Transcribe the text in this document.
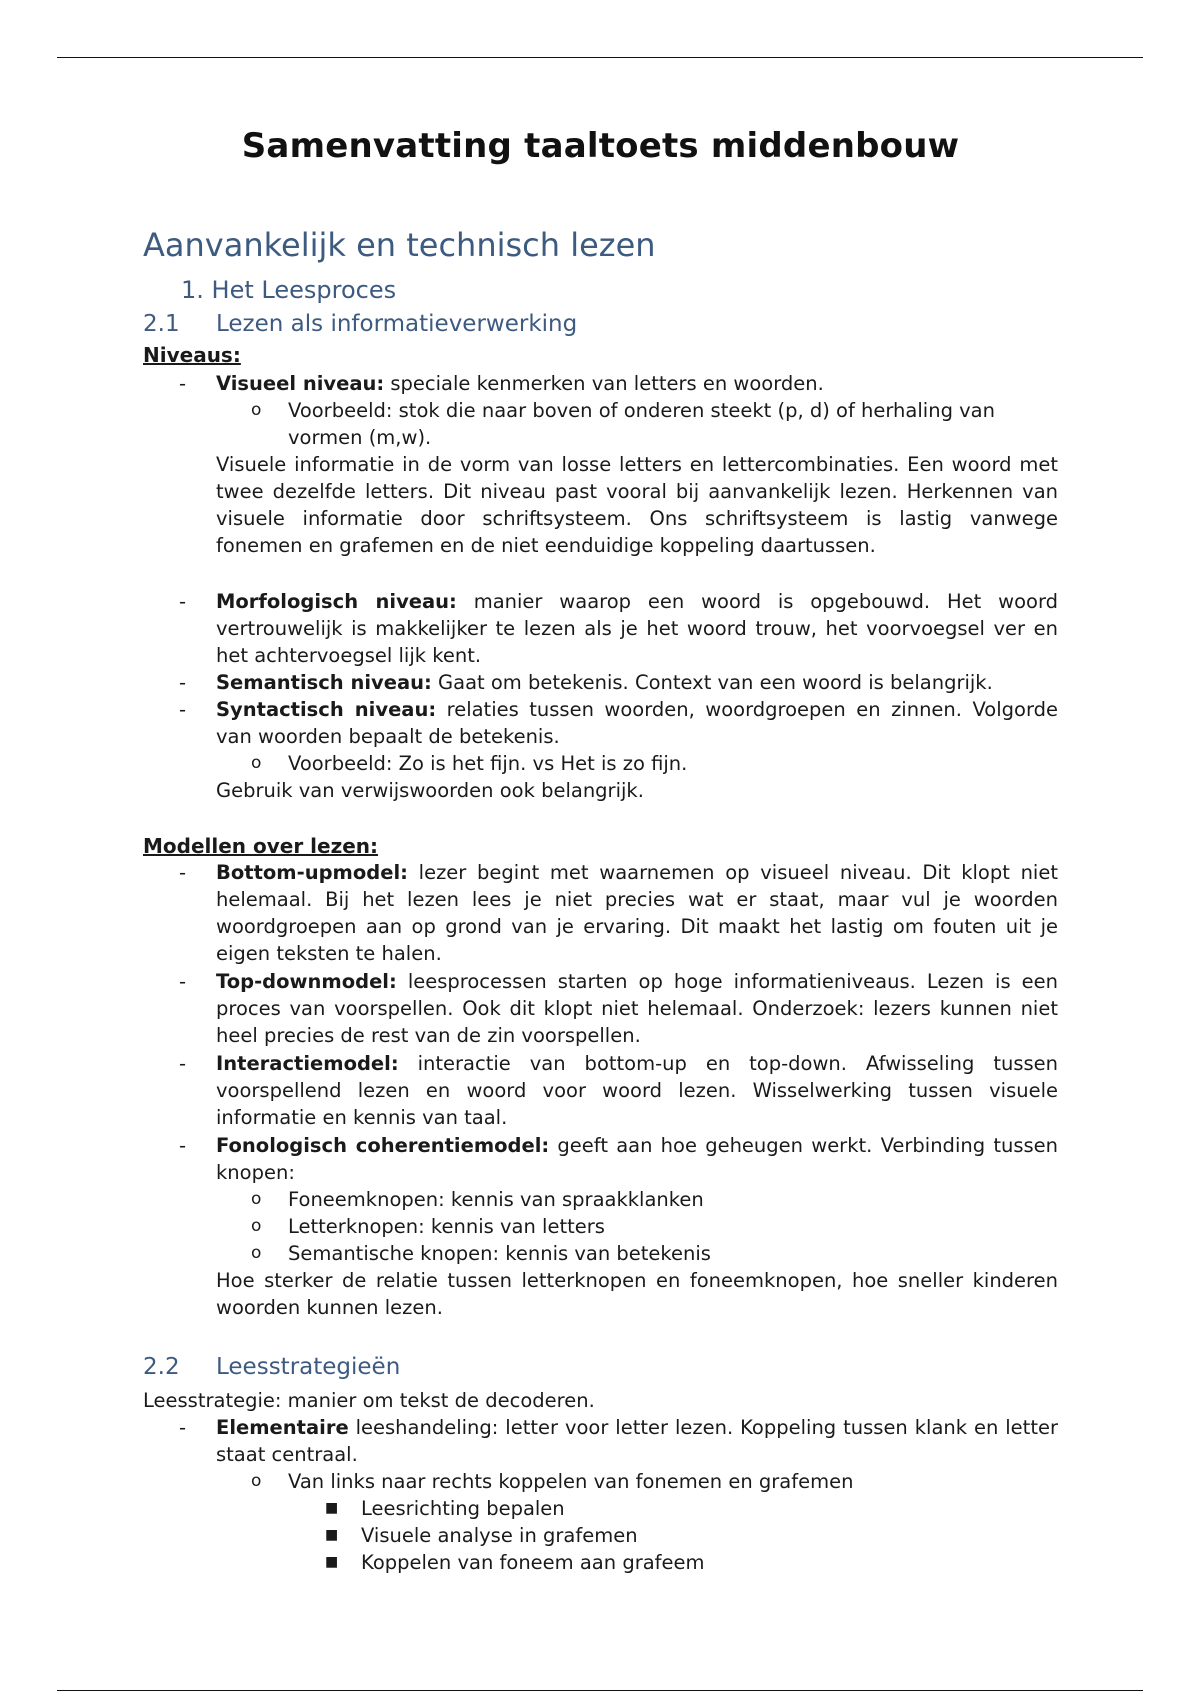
Samenvatting taaltoets middenbouw
Aanvankelijk en technisch lezen
1. Het Leesproces
2.1 Lezen als informatieverwerking

Niveaus:

- Visueel niveau: speciale kenmerken van letters en woorden.

o Voorbeeld: stok die naar boven of onderen steekt (p, d) of herhaling van vormen (m,w).

Visuele informatie in de vorm van losse letters en lettercombinaties. Een woord met twee dezelfde letters. Dit niveau past vooral bij aanvankelijk lezen. Herkennen van visuele informatie door schriftsysteem. Ons schriftsysteem is lastig vanwege fonemen en grafemen en de niet eenduidige koppeling daartussen.

- Morfologisch niveau: manier waarop een woord is opgebouwd. Het woord vertrouwelijk is makkelijker te lezen als je het woord trouw, het voorvoegsel ver en het achtervoegsel lijk kent.

- Semantisch niveau: Gaat om betekenis. Context van een woord is belangrijk.

- Syntactisch niveau: relaties tussen woorden, woordgroepen en zinnen. Volgorde van woorden bepaalt de betekenis.

o Voorbeeld: Zo is het fijn. vs Het is zo fijn.

Gebruik van verwijswoorden ook belangrijk.

Modellen over lezen:

- Bottom-upmodel: lezer begint met waarnemen op visueel niveau. Dit klopt niet helemaal. Bij het lezen lees je niet precies wat er staat, maar vul je woorden woordgroepen aan op grond van je ervaring. Dit maakt het lastig om fouten uit je eigen teksten te halen.

- Top-downmodel: leesprocessen starten op hoge informatieniveaus. Lezen is een proces van voorspellen. Ook dit klopt niet helemaal. Onderzoek: lezers kunnen niet heel precies de rest van de zin voorspellen.

- Interactiemodel: interactie van bottom-up en top-down. Afwisseling tussen voorspellend lezen en woord voor woord lezen. Wisselwerking tussen visuele informatie en kennis van taal.

- Fonologisch coherentiemodel: geeft aan hoe geheugen werkt. Verbinding tussen knopen:

o Foneemknopen: kennis van spraakklanken

o Letterknopen: kennis van letters

o Semantische knopen: kennis van betekenis

Hoe sterker de relatie tussen letterknopen en foneemknopen, hoe sneller kinderen woorden kunnen lezen.

2.2 Leesstrategieën

Leesstrategie: manier om tekst de decoderen.

- Elementaire leeshandeling: letter voor letter lezen. Koppeling tussen klank en letter staat centraal.

o Van links naar rechts koppelen van fonemen en grafemen

■ Leesrichting bepalen

■ Visuele analyse in grafemen

■ Koppelen van foneem aan grafeem
